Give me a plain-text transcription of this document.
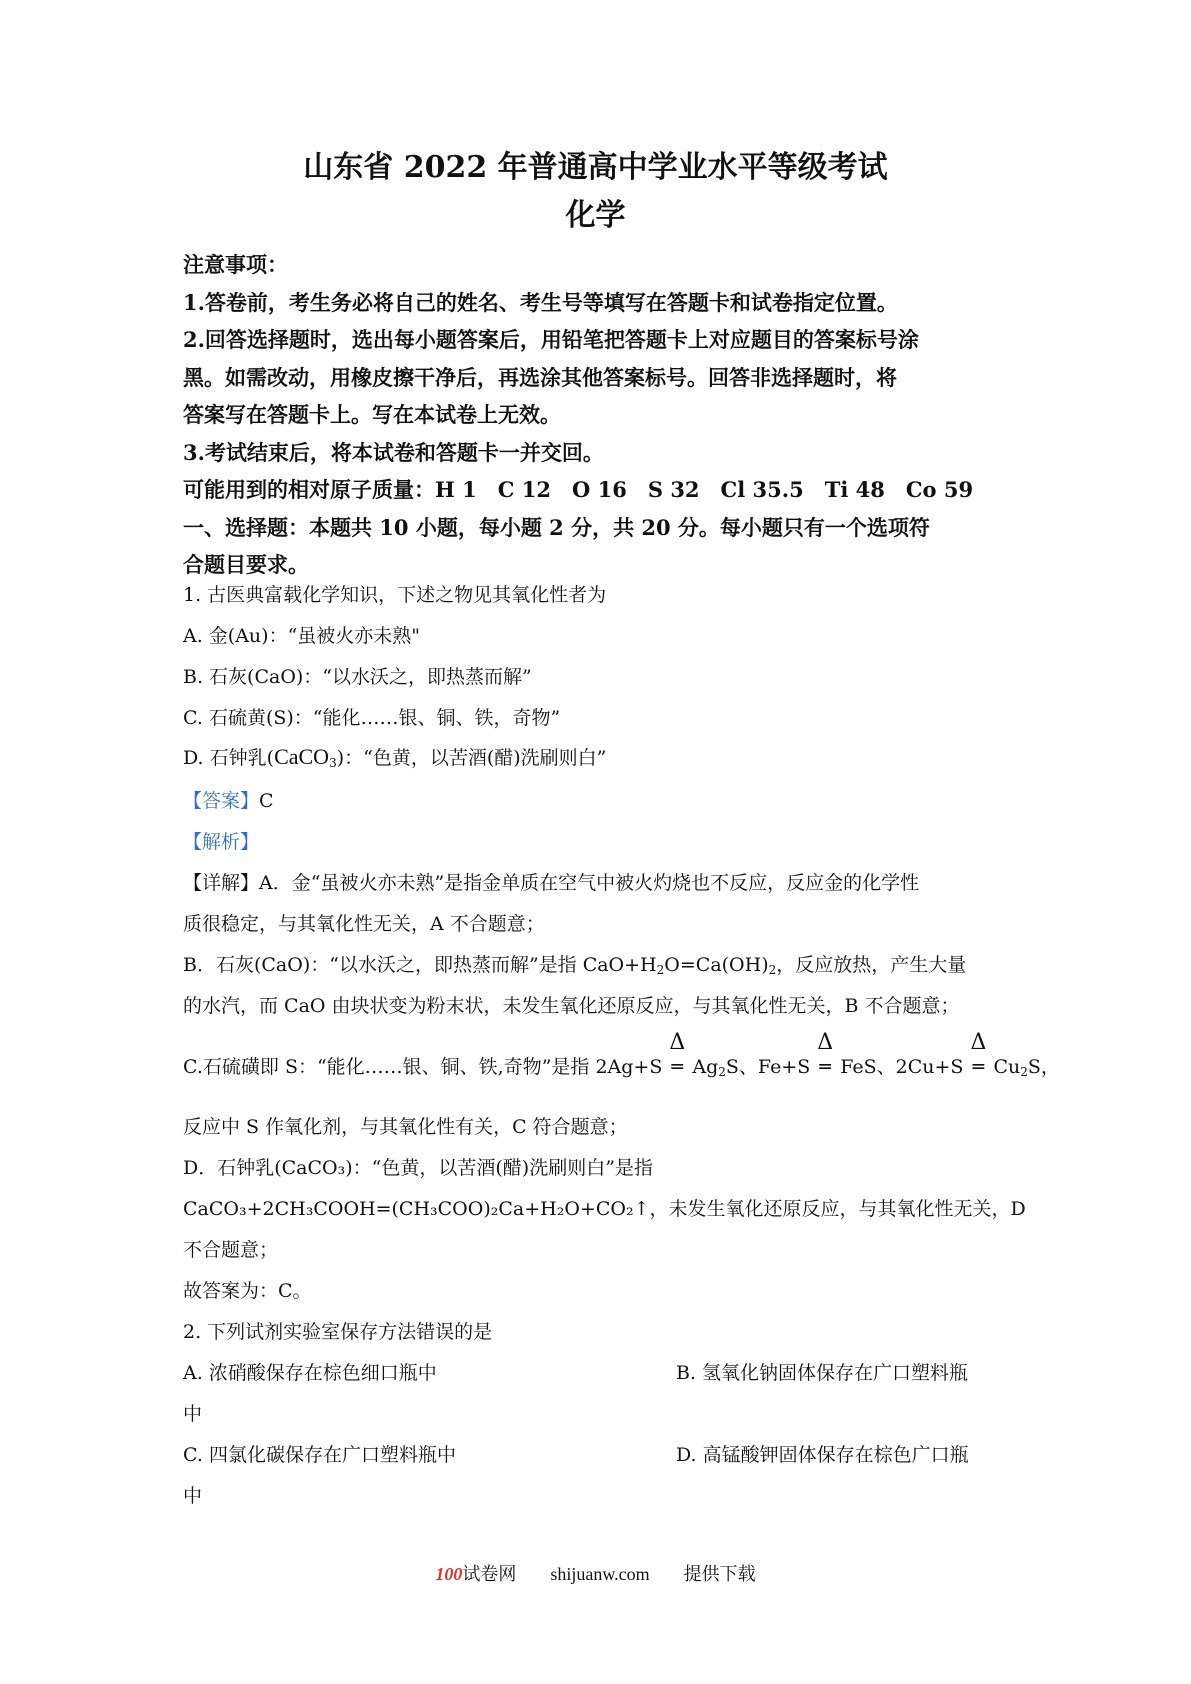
山东省 2022 年普通高中学业水平等级考试
化学
注意事项：
1.答卷前，考生务必将自己的姓名、考生号等填写在答题卡和试卷指定位置。
2.回答选择题时，选出每小题答案后，用铅笔把答题卡上对应题目的答案标号涂
黑。如需改动，用橡皮擦干净后，再选涂其他答案标号。回答非选择题时，将
答案写在答题卡上。写在本试卷上无效。
3.考试结束后，将本试卷和答题卡一并交回。
可能用到的相对原子质量：H 1　C 12　O 16　S 32　Cl 35.5　Ti 48　Co 59
一、选择题：本题共 10 小题，每小题 2 分，共 20 分。每小题只有一个选项符
合题目要求。
1. 古医典富载化学知识，下述之物见其氧化性者为
A. 金(Au)：“虽被火亦未熟"
B. 石灰(CaO)：“以水沃之，即热蒸而解”
C. 石硫黄(S)：“能化……银、铜、铁，奇物”
D. 石钟乳(CaCO$_3$)：“色黄，以苦酒(醋)洗刷则白”
【答案】C
【解析】
【详解】A．金“虽被火亦未熟”是指金单质在空气中被火灼烧也不反应，反应金的化学性
质很稳定，与其氧化性无关，A 不合题意；
B．石灰(CaO)：“以水沃之，即热蒸而解”是指 $CaO+H_2O=Ca(OH)_2$，反应放热，产生大量
的水汽，而 CaO 由块状变为粉末状，未发生氧化还原反应，与其氧化性无关，B 不合题意；
C.石硫磺即 S：“能化……银、铜、铁,奇物”是指 2Ag+S
Δ
═ $Ag_2S$、Fe+S
Δ
═ FeS、2Cu+S
Δ
═ $Cu_2S$，
反应中 S 作氧化剂，与其氧化性有关，C 符合题意；
D．石钟乳(CaCO₃)：“色黄，以苦酒(醋)洗刷则白”是指
CaCO₃+2CH₃COOH=(CH₃COO)₂Ca+H₂O+CO₂↑，未发生氧化还原反应，与其氧化性无关，D
不合题意；
故答案为：C。
2. 下列试剂实验室保存方法错误的是
A. 浓硝酸保存在棕色细口瓶中	B. 氢氧化钠固体保存在广口塑料瓶
中
C. 四氯化碳保存在广口塑料瓶中	D. 高锰酸钾固体保存在棕色广口瓶
中
100试卷网 shijuanw.com 提供下载
